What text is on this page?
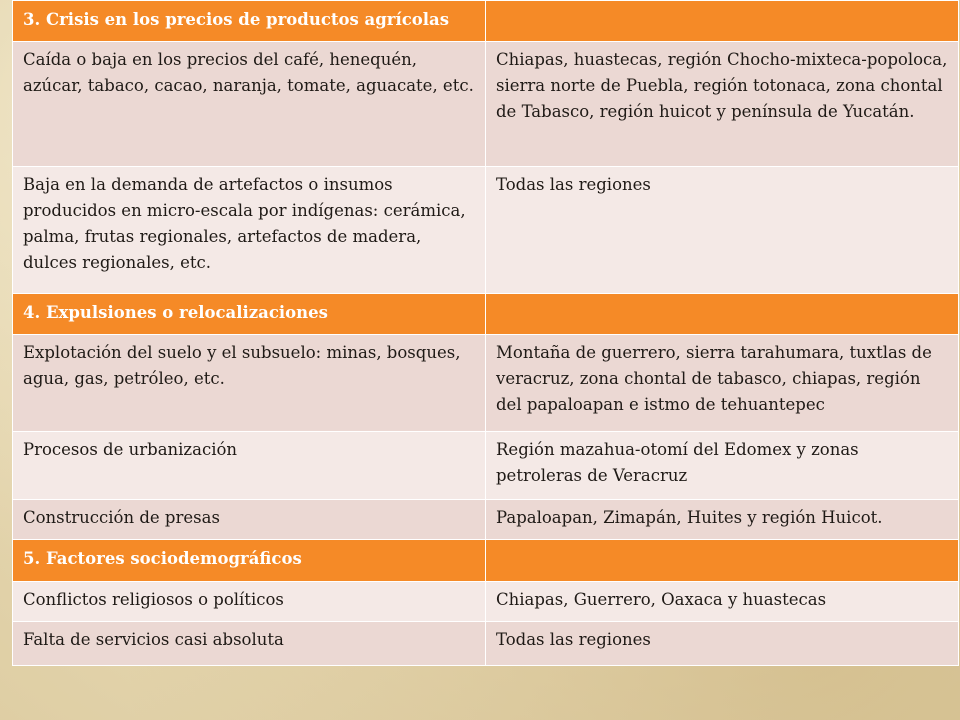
3. Crisis en los precios de productos agrícolas	
Caída o baja en los precios del café, henequén, azúcar, tabaco, cacao, naranja, tomate, aguacate, etc.	Chiapas, huastecas, región Chocho-mixteca-popoloca, sierra norte de Puebla, región totonaca, zona chontal de Tabasco, región huicot y península de Yucatán.
Baja en la demanda de artefactos o insumos producidos en micro-escala por indígenas: cerámica, palma, frutas regionales, artefactos de madera, dulces regionales, etc.	Todas las regiones
4. Expulsiones o relocalizaciones	
Explotación del suelo y el subsuelo: minas, bosques, agua, gas, petróleo, etc.	Montaña de guerrero, sierra tarahumara, tuxtlas de veracruz, zona chontal de tabasco, chiapas, región del papaloapan e istmo de tehuantepec
Procesos de urbanización	Región mazahua-otomí del Edomex y zonas petroleras de Veracruz
Construcción de presas	Papaloapan, Zimapán, Huites y región Huicot.
5. Factores sociodemográficos	
Conflictos religiosos o políticos	Chiapas, Guerrero, Oaxaca y huastecas
Falta de servicios casi absoluta	Todas las regiones
